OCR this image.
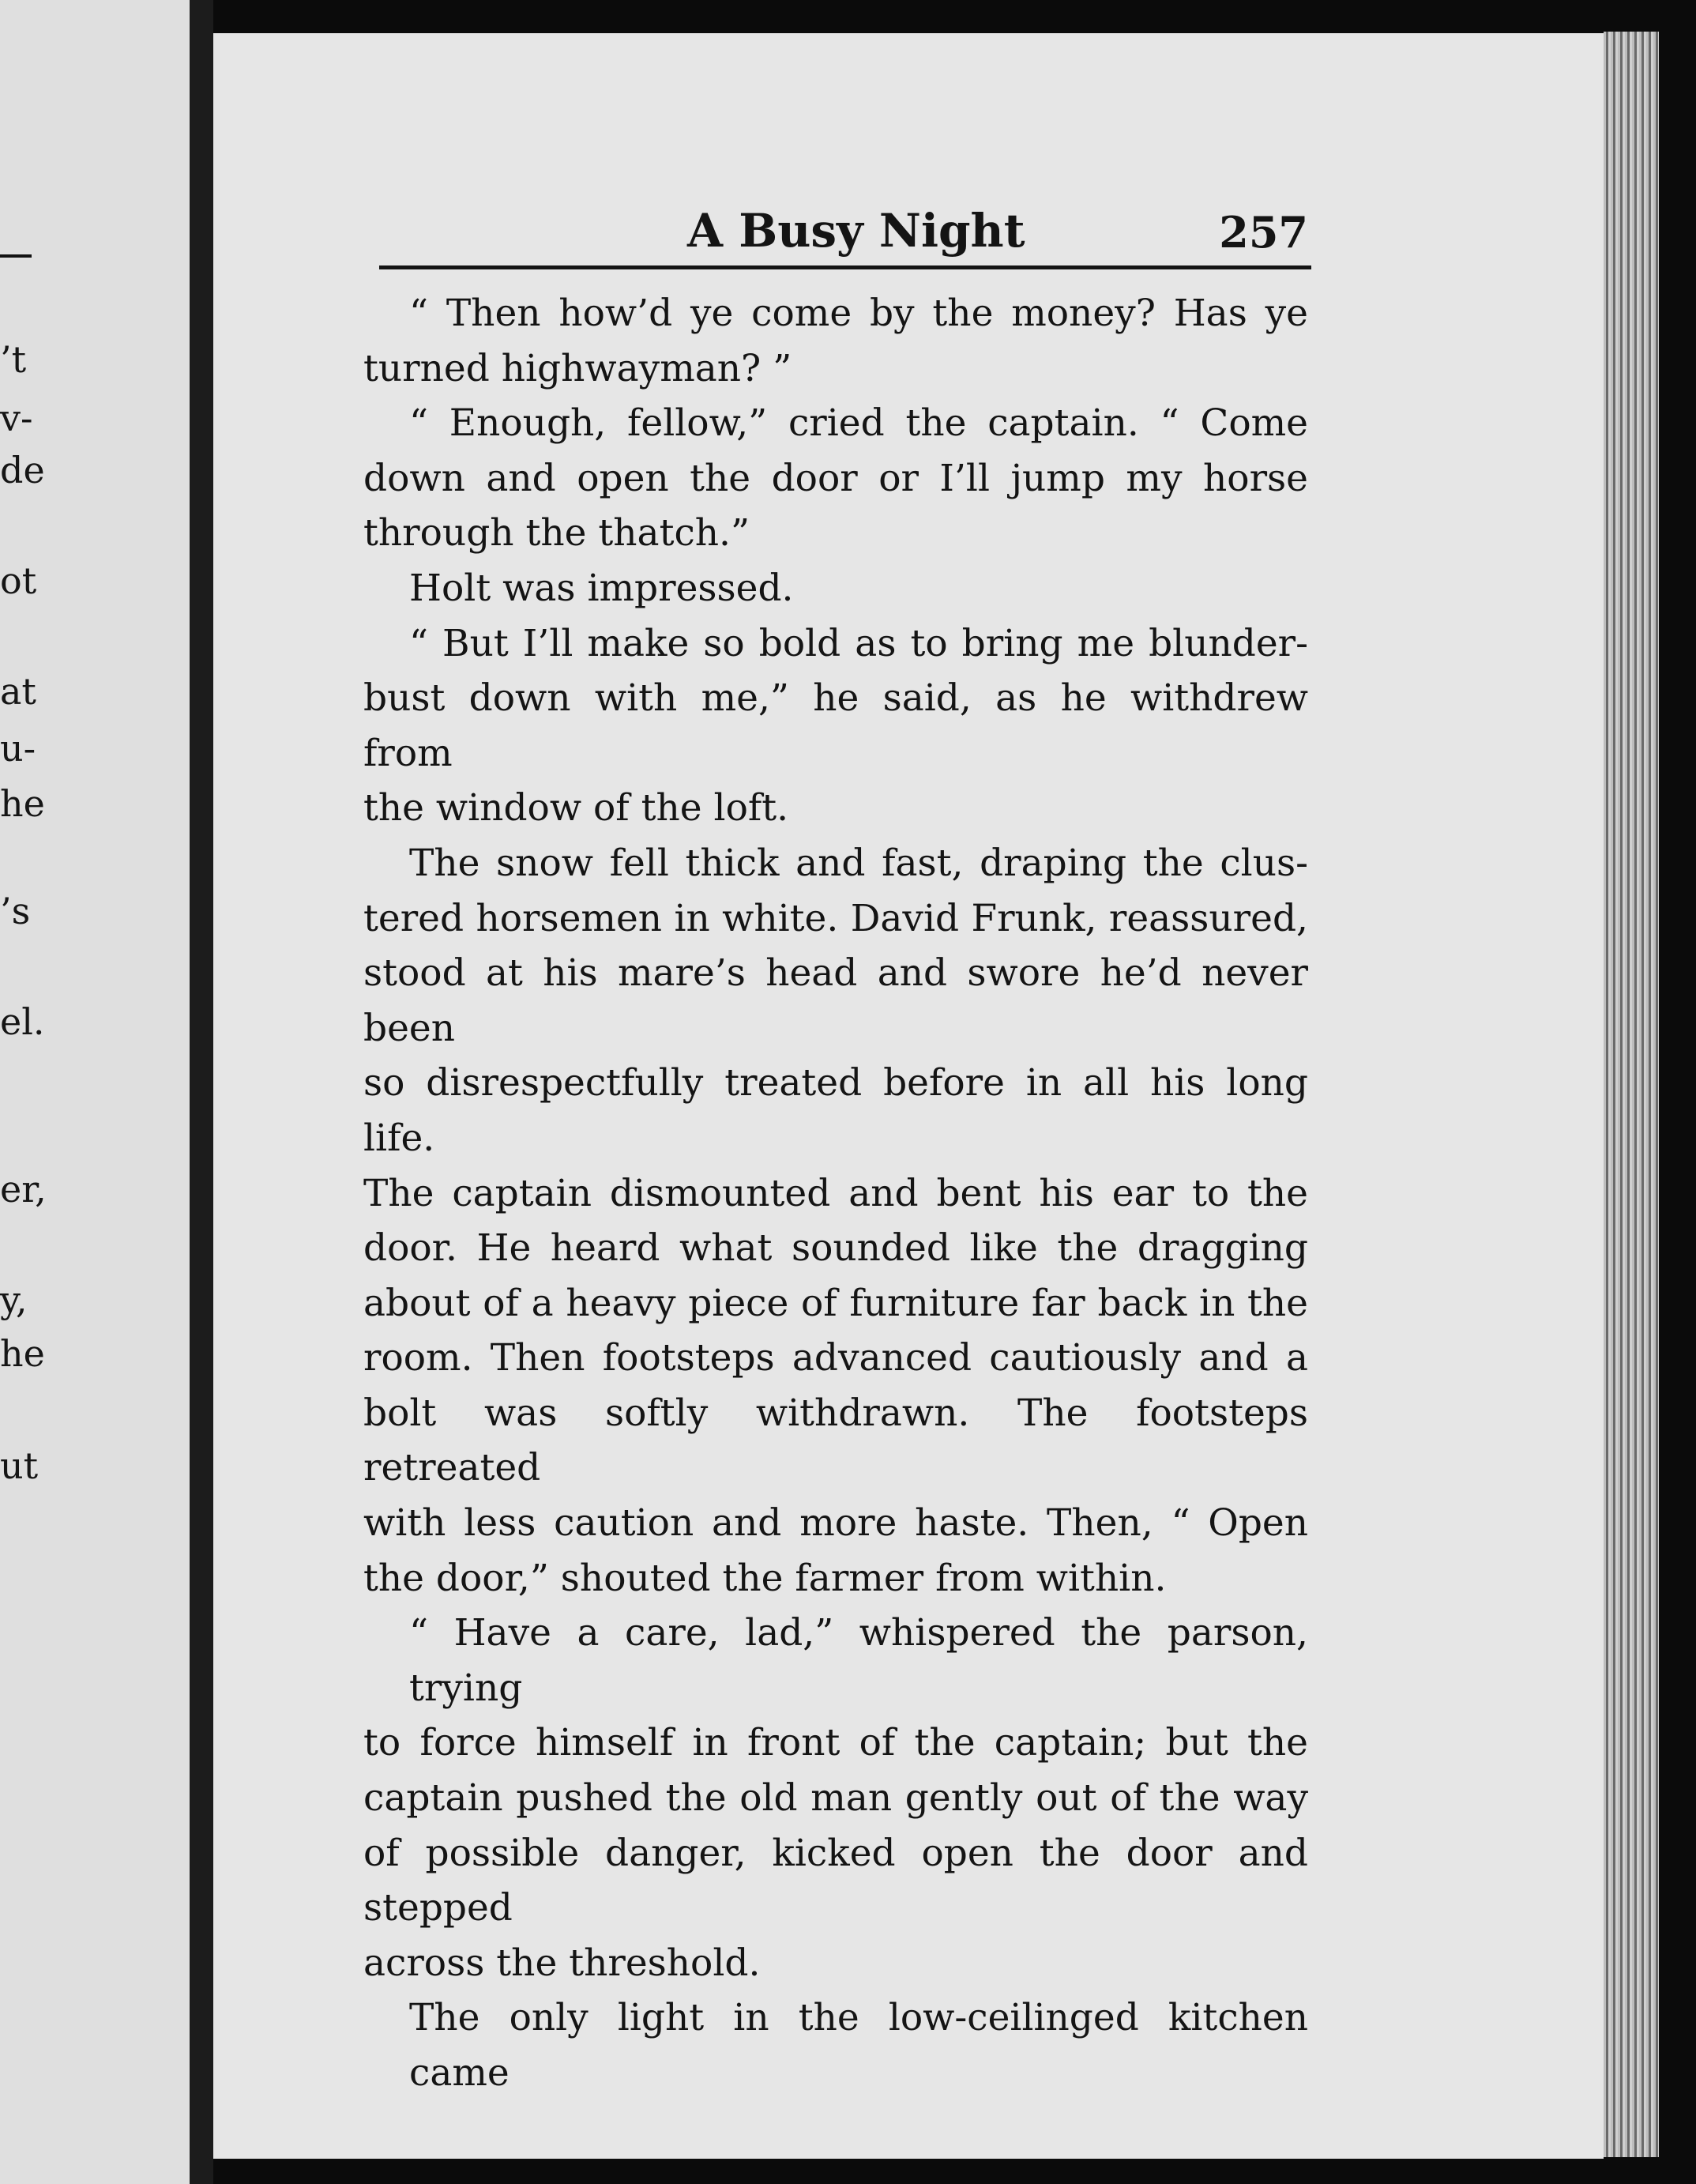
’t
v-
de
ot
at
u-
he
’s
el.
er,
y,
he
ut
A Busy Night	257

“ Then how’d ye come by the money? Has ye
turned highwayman? ”

“ Enough, fellow,” cried the captain. “ Come
down and open the door or I’ll jump my horse
through the thatch.”

Holt was impressed.

“ But I’ll make so bold as to bring me blunder-
bust down with me,” he said, as he withdrew from
the window of the loft.

The snow fell thick and fast, draping the clus-
tered horsemen in white. David Frunk, reassured,
stood at his mare’s head and swore he’d never been
so disrespectfully treated before in all his long life.
The captain dismounted and bent his ear to the
door. He heard what sounded like the dragging
about of a heavy piece of furniture far back in the
room. Then footsteps advanced cautiously and a
bolt was softly withdrawn. The footsteps retreated
with less caution and more haste. Then, “ Open
the door,” shouted the farmer from within.

“ Have a care, lad,” whispered the parson, trying
to force himself in front of the captain; but the
captain pushed the old man gently out of the way
of possible danger, kicked open the door and stepped
across the threshold.

The only light in the low-ceilinged kitchen came
